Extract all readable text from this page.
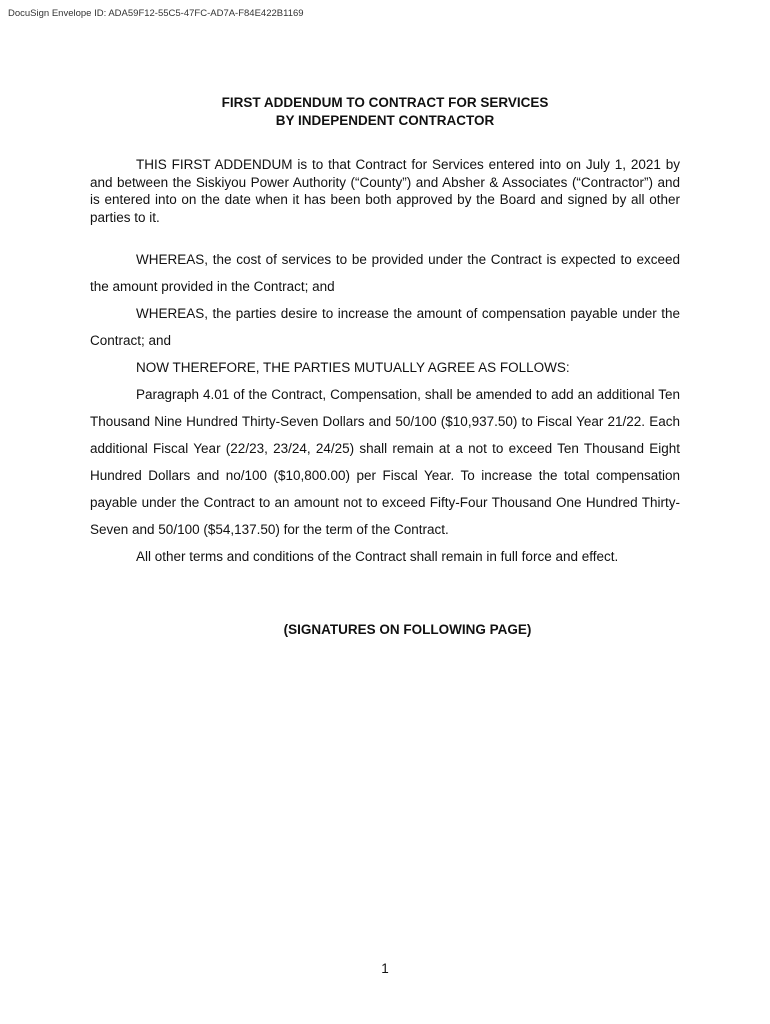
DocuSign Envelope ID: ADA59F12-55C5-47FC-AD7A-F84E422B1169
FIRST ADDENDUM TO CONTRACT FOR SERVICES
BY INDEPENDENT CONTRACTOR

THIS FIRST ADDENDUM is to that Contract for Services entered into on July 1, 2021 by and between the Siskiyou Power Authority (“County”) and Absher & Associates (“Contractor”) and is entered into on the date when it has been both approved by the Board and signed by all other parties to it.

WHEREAS, the cost of services to be provided under the Contract is expected to exceed the amount provided in the Contract; and

WHEREAS, the parties desire to increase the amount of compensation payable under the Contract; and

NOW THEREFORE, THE PARTIES MUTUALLY AGREE AS FOLLOWS:

Paragraph 4.01 of the Contract, Compensation, shall be amended to add an additional Ten Thousand Nine Hundred Thirty-Seven Dollars and 50/100 ($10,937.50) to Fiscal Year 21/22. Each additional Fiscal Year (22/23, 23/24, 24/25) shall remain at a not to exceed Ten Thousand Eight Hundred Dollars and no/100 ($10,800.00) per Fiscal Year. To increase the total compensation payable under the Contract to an amount not to exceed Fifty-Four Thousand One Hundred Thirty-Seven and 50/100 ($54,137.50) for the term of the Contract.

All other terms and conditions of the Contract shall remain in full force and effect.

(SIGNATURES ON FOLLOWING PAGE)
1
